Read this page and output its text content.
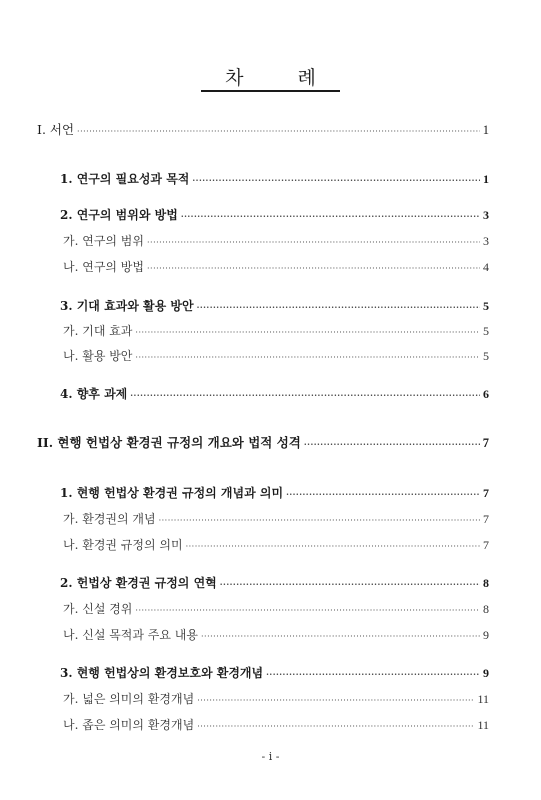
차 례
I. 서언 ·····	1
1. 연구의 필요성과 목적 ·····	1
2. 연구의 범위와 방법 ·····	3
가. 연구의 범위 ·····	3
나. 연구의 방법 ·····	4
3. 기대 효과와 활용 방안 ·····	5
가. 기대 효과 ·····	5
나. 활용 방안 ·····	5
4. 향후 과제 ·····	6
II. 현행 헌법상 환경권 규정의 개요와 법적 성격 ·····	7
1. 현행 헌법상 환경권 규정의 개념과 의미 ·····	7
가. 환경권의 개념 ·····	7
나. 환경권 규정의 의미 ·····	7
2. 헌법상 환경권 규정의 연혁 ·····	8
가. 신설 경위 ·····	8
나. 신설 목적과 주요 내용 ·····	9
3. 현행 헌법상의 환경보호와 환경개념 ·····	9
가. 넓은 의미의 환경개념 ·····	11
나. 좁은 의미의 환경개념 ·····	11
- i -
